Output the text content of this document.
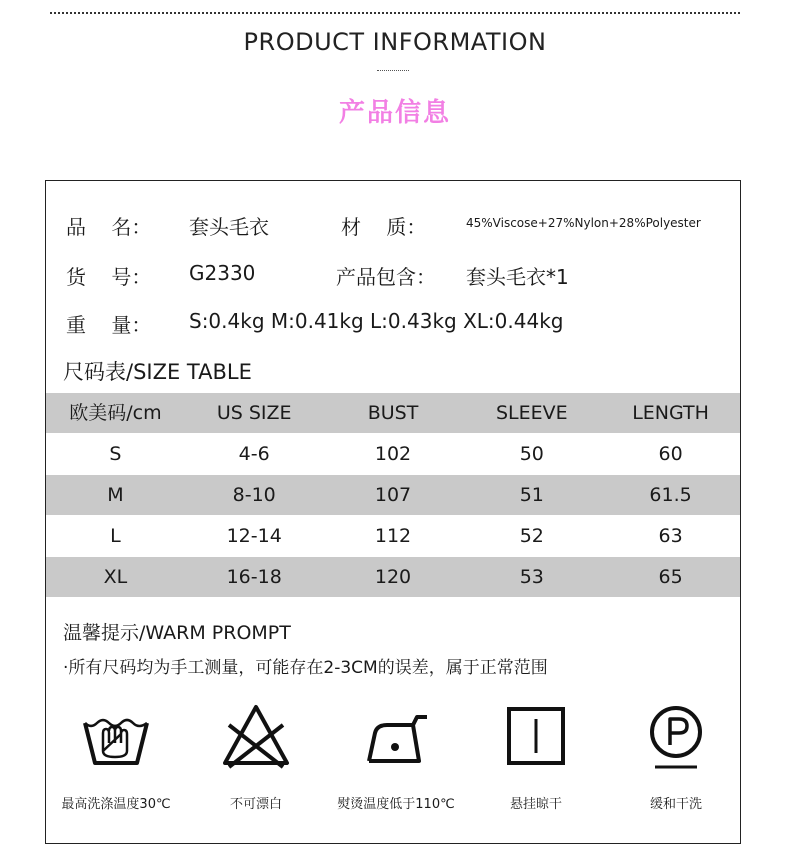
PRODUCT INFORMATION
产品信息
品    名： 套头毛衣	材    质：	45%Viscose+27%Nylon+28%Polyester
货    号： G2330	产品包含： 套头毛衣*1
重    量： S:0.4kg M:0.41kg L:0.43kg XL:0.44kg
尺码表/SIZE TABLE
欧美码/cm	US SIZE	BUST	SLEEVE	LENGTH
S	4-6	102	50	60
M	8-10	107	51	61.5
L	12-14	112	52	63
XL	16-18	120	53	65
温馨提示/WARM PROMPT
·所有尺码均为手工测量，可能存在2-3CM的误差，属于正常范围
最高洗涤温度30℃	不可漂白	熨烫温度低于110℃	悬挂晾干	缓和干洗
